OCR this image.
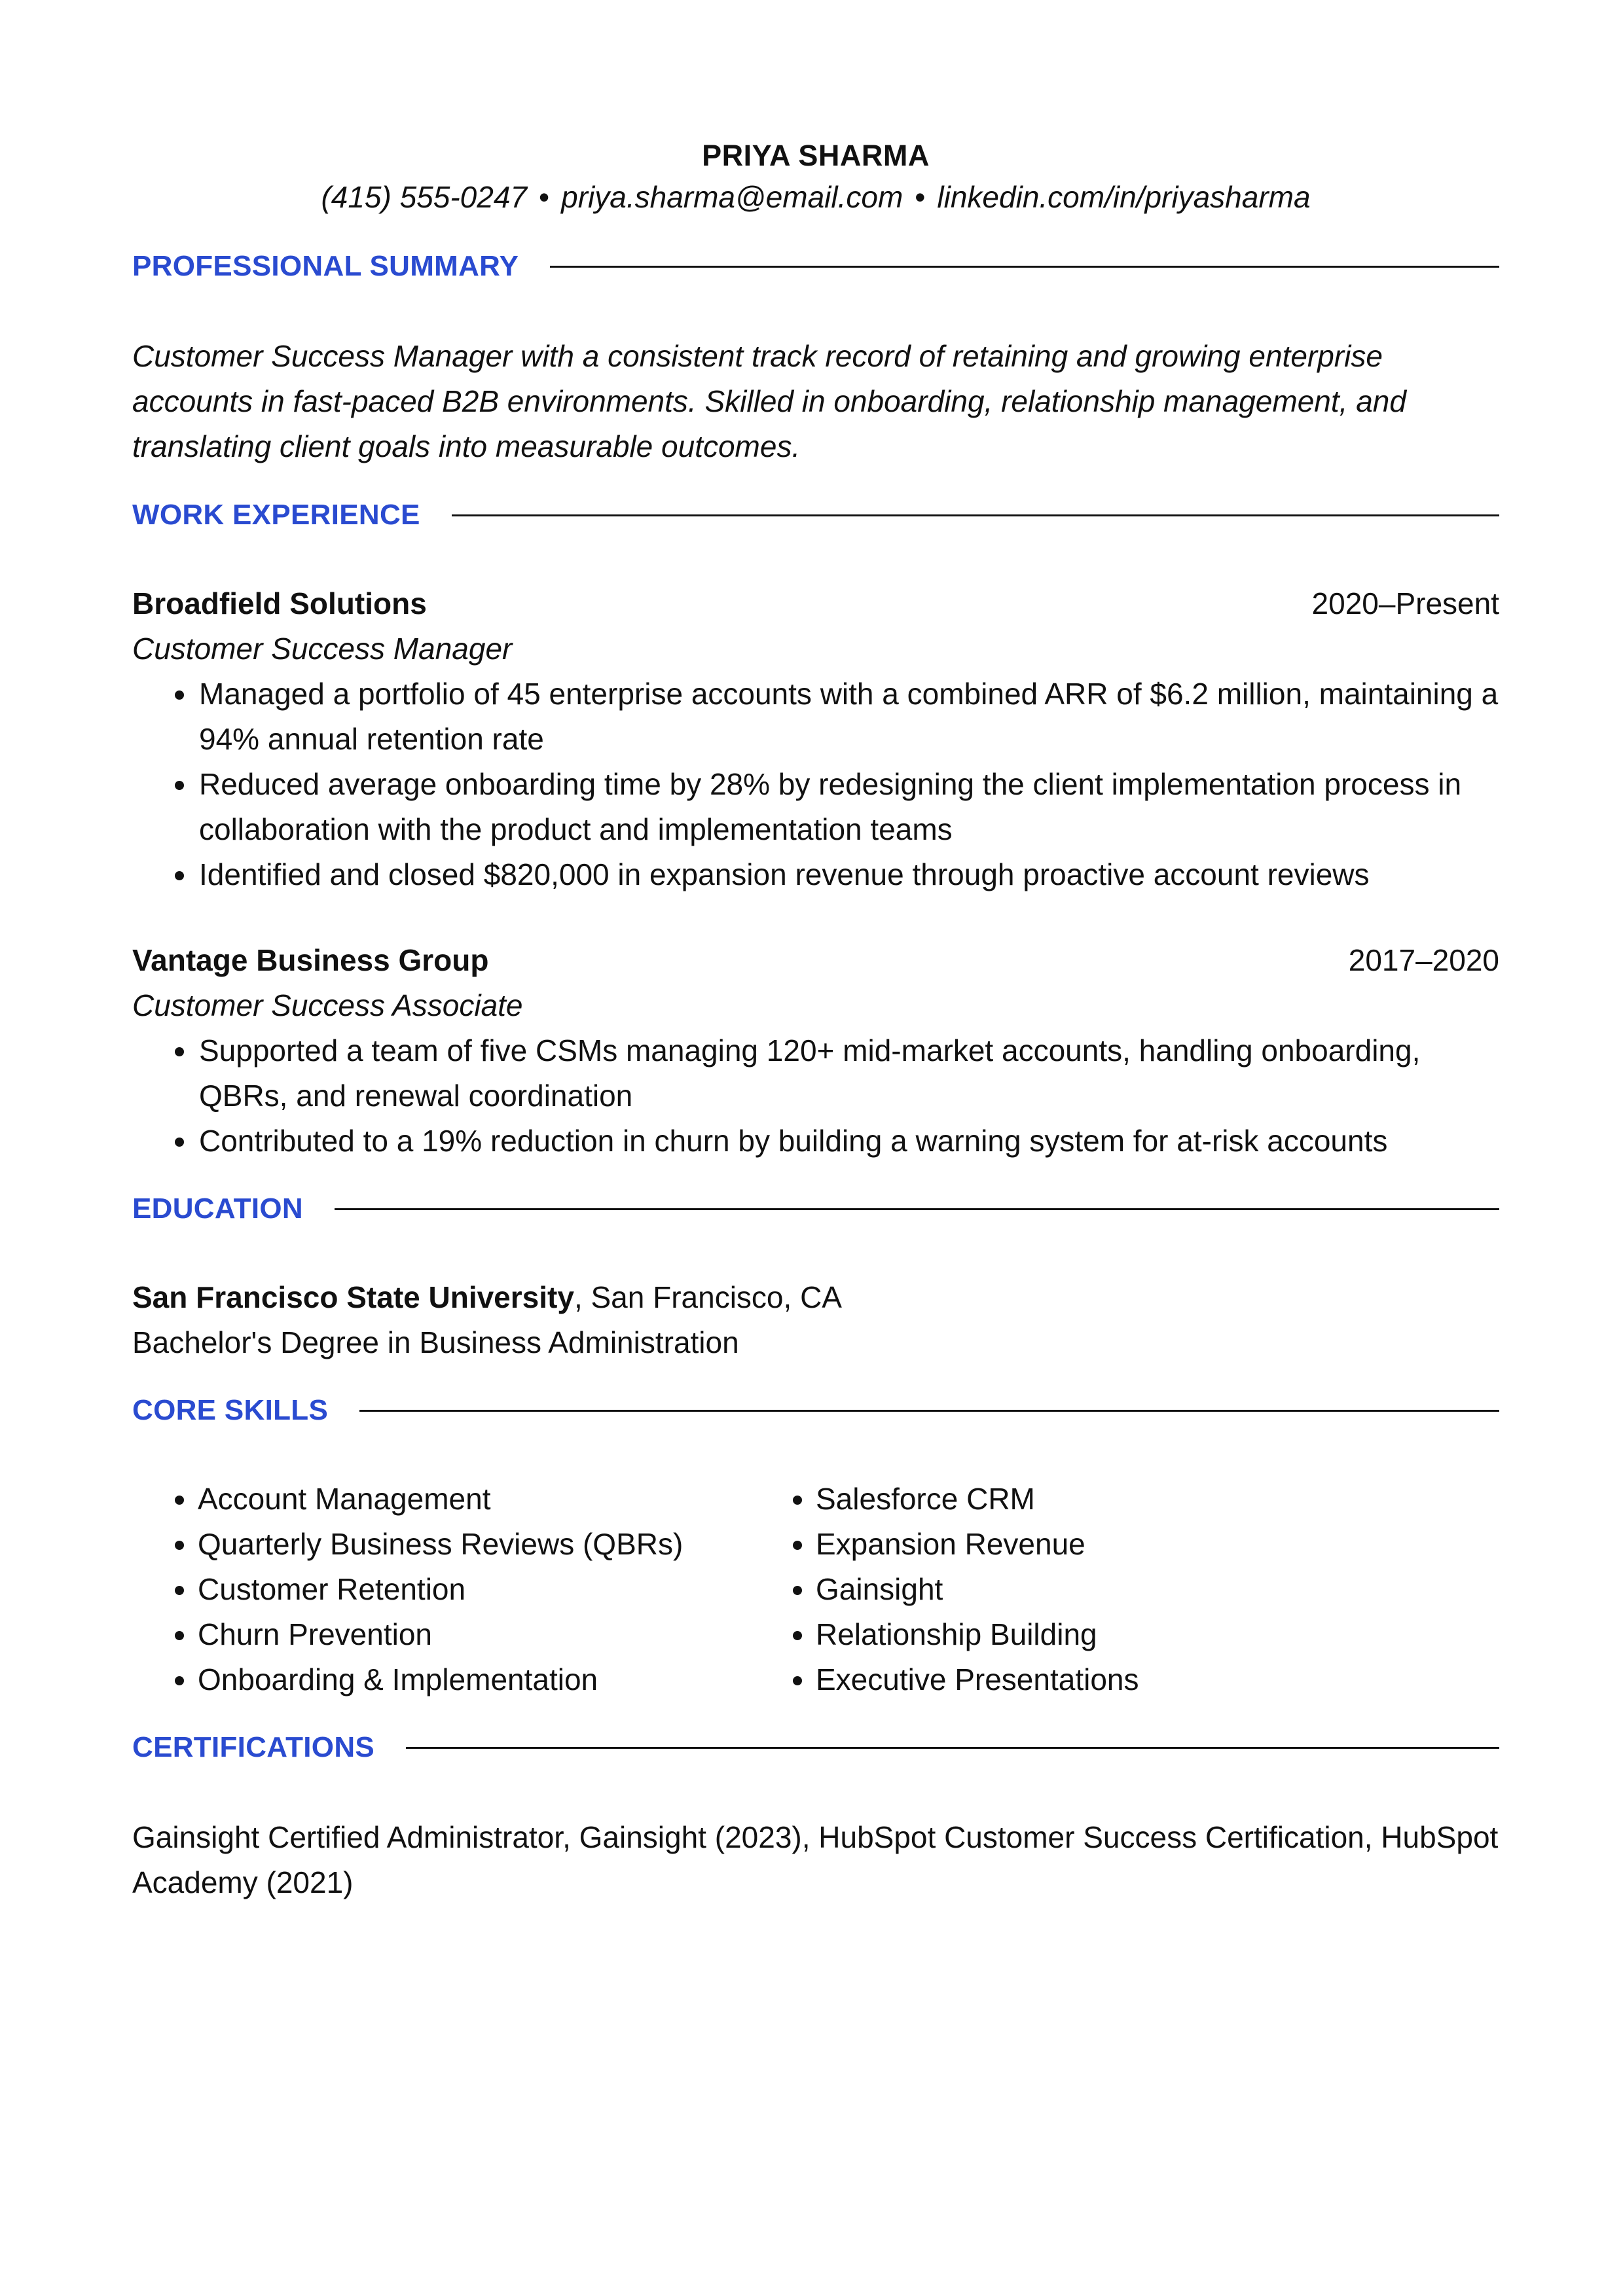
PRIYA SHARMA
(415) 555-0247 • priya.sharma@email.com • linkedin.com/in/priyasharma
PROFESSIONAL SUMMARY

Customer Success Manager with a consistent track record of retaining and growing enterprise accounts in fast-paced B2B environments. Skilled in onboarding, relationship management, and translating client goals into measurable outcomes.

WORK EXPERIENCE
Broadfield Solutions	2020–Present
Customer Success Manager
• Managed a portfolio of 45 enterprise accounts with a combined ARR of $6.2 million, maintaining a 94% annual retention rate
• Reduced average onboarding time by 28% by redesigning the client implementation process in collaboration with the product and implementation teams
• Identified and closed $820,000 in expansion revenue through proactive account reviews
Vantage Business Group	2017–2020
Customer Success Associate
• Supported a team of five CSMs managing 120+ mid-market accounts, handling onboarding, QBRs, and renewal coordination
• Contributed to a 19% reduction in churn by building a warning system for at-risk accounts
EDUCATION
San Francisco State University, San Francisco, CA
Bachelor's Degree in Business Administration
CORE SKILLS
• Account Management
• Quarterly Business Reviews (QBRs)
• Customer Retention
• Churn Prevention
• Onboarding & Implementation
• Salesforce CRM
• Expansion Revenue
• Gainsight
• Relationship Building
• Executive Presentations
CERTIFICATIONS

Gainsight Certified Administrator, Gainsight (2023), HubSpot Customer Success Certification, HubSpot Academy (2021)
